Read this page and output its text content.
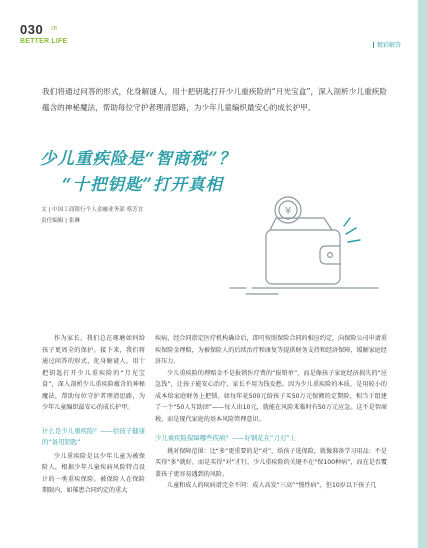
030 2B
BETTER LIFE
精彩解答
我们将通过问答的形式，化身解谜人，用十把钥匙打开少儿重疾险的“月光宝盒”，深入剖析少儿重疾险蕴含的神秘魔法，帮助每位守护者理清思路，为少年儿童编织最安心的成长护甲。
少儿重疾险是“智商税”？
“十把钥匙”打开真相
文 | 中国工商银行个人金融业务部 蔡芳宜
责任编辑 | 张琳
¥

作为家长，我们总在琢磨如何给孩子更周全的保护。接下来，我们将通过问答的形式，化身解谜人，用十把钥匙打开少儿重疾险的“月光宝盒”，深入剖析少儿重疾险蕴含的神秘魔法，帮助每位守护者理清思路，为少年儿童编织最安心的成长护甲。

什么是少儿重疾险？——给孩子健康的“备用钥匙”

少儿重疾险是以少年儿童为被保险人，根据少年儿童疾病风险特点设计的一类重疾保险。被保险人在保险期限内，如罹患合同约定的重大

疾病，经合同指定医疗机构确诊后，即可按照保险合同的相应约定，向保险公司申请重疾保险金理赔，为被保险人的后续治疗和康复等提供财务支持和经济保障，缓解家庭经济压力。

少儿重疾险的理赔金不是报销医疗费的“报销单”，而是像孩子家庭经济损失的“应急钱”，让孩子能安心治疗，家长不用为钱发愁。因为少儿重疾险的本质，是用较小的成本给家庭财务上把锁。如每年花500元给孩子买50万元保额的定期险，相当于组建了一个“50人互助团”——每人出10元，就能在风险来临时有50万元应急。这不是智商税，而是现代家庭的基本风险管理意识。

少儿重疾险保障哪些疾病？——好钢花在“刀刃”上

挑对保障范围：比“多”更重要的是“对”，给孩子选保险，就像准备学习用品：不是买得“多”就好，而是买得“对”才行。少儿重疾险的关键不在“保100种病”，而在是否覆盖孩子更容易遇到的风险。

儿童和成人的疾病谱完全不同：成人高发“三高”“慢性病”，但10岁以下孩子几
